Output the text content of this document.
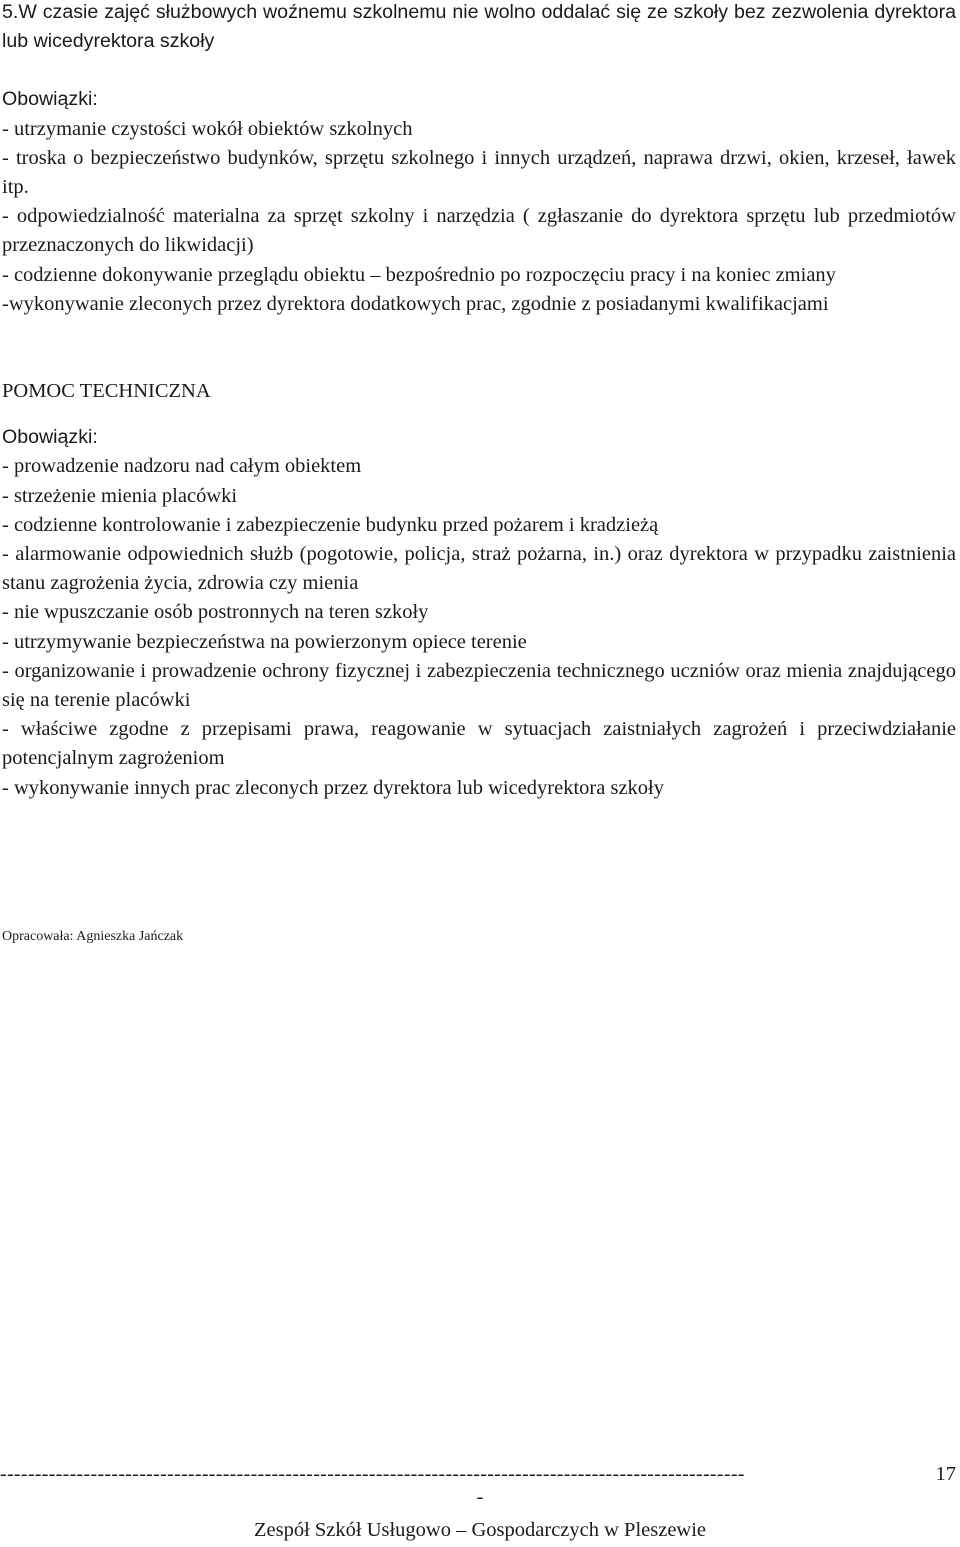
5.W czasie zajęć służbowych woźnemu szkolnemu nie wolno oddalać się ze szkoły bez zezwolenia dyrektora lub wicedyrektora szkoły

Obowiązki:

- utrzymanie czystości wokół obiektów szkolnych

- troska o bezpieczeństwo budynków, sprzętu szkolnego i innych urządzeń, naprawa drzwi, okien, krzeseł, ławek itp.

- odpowiedzialność materialna za sprzęt szkolny i narzędzia ( zgłaszanie do dyrektora sprzętu lub przedmiotów przeznaczonych do likwidacji)

- codzienne dokonywanie przeglądu obiektu – bezpośrednio po rozpoczęciu pracy i na koniec zmiany

-wykonywanie zleconych przez dyrektora dodatkowych prac, zgodnie z posiadanymi kwalifikacjami

POMOC TECHNICZNA

Obowiązki:

- prowadzenie nadzoru nad całym obiektem

- strzeżenie mienia placówki

- codzienne kontrolowanie i zabezpieczenie budynku przed pożarem i kradzieżą

- alarmowanie odpowiednich służb (pogotowie, policja, straż pożarna, in.) oraz dyrektora w przypadku zaistnienia stanu zagrożenia życia, zdrowia czy mienia

- nie wpuszczanie osób postronnych na teren szkoły

- utrzymywanie bezpieczeństwa na powierzonym opiece terenie

- organizowanie i prowadzenie ochrony fizycznej i zabezpieczenia technicznego uczniów oraz mienia znajdującego się na terenie placówki

- właściwe zgodne z przepisami prawa, reagowanie w sytuacjach zaistniałych zagrożeń i przeciwdziałanie potencjalnym zagrożeniom

- wykonywanie innych prac zleconych przez dyrektora lub wicedyrektora szkoły

Opracowała: Agnieszka Jańczak
-----------------------------------------------------------------------------------------------------------	17
-
Zespół Szkół Usługowo – Gospodarczych w Pleszewie
